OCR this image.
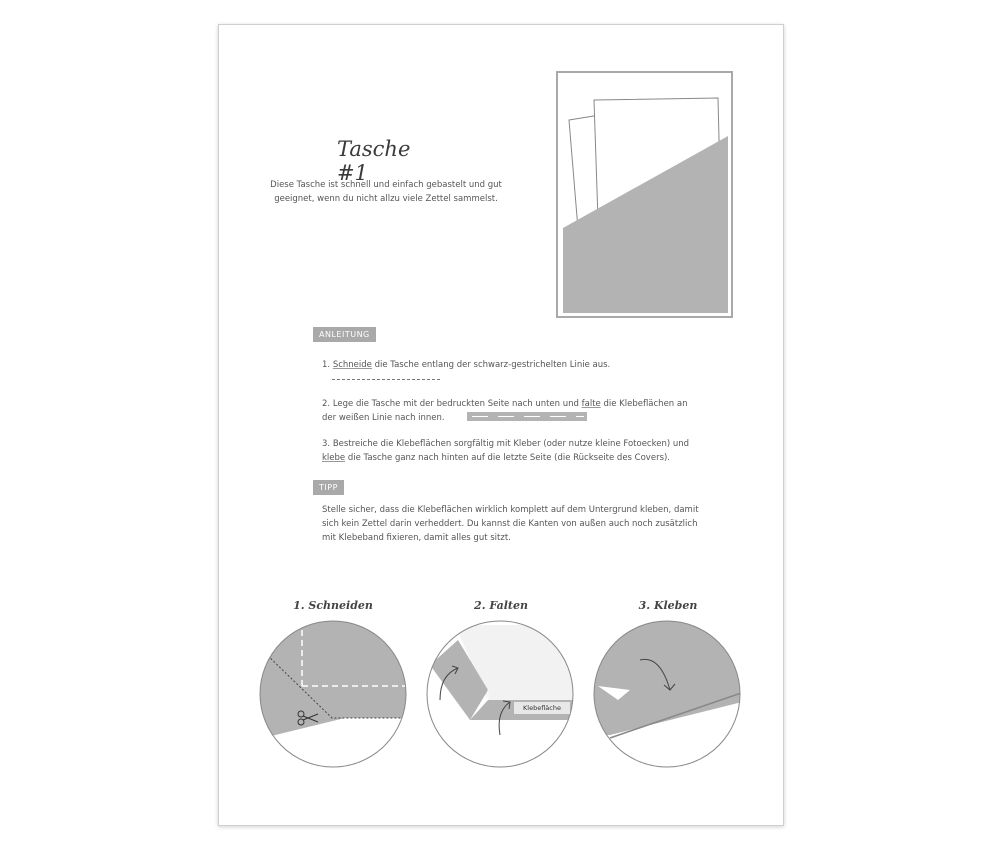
Tasche #1
Diese Tasche ist schnell und einfach gebastelt und gut geeignet, wenn du nicht allzu viele Zettel sammelst.
ANLEITUNG
1. Schneide die Tasche entlang der schwarz-gestrichelten Linie aus.
2. Lege die Tasche mit der bedruckten Seite nach unten und falte die Klebeflächen an der weißen Linie nach innen.
3. Bestreiche die Klebeflächen sorgfältig mit Kleber (oder nutze kleine Fotoecken) und klebe die Tasche ganz nach hinten auf die letzte Seite (die Rückseite des Covers).
TIPP
Stelle sicher, dass die Klebeflächen wirklich komplett auf dem Untergrund kleben, damit sich kein Zettel darin verheddert. Du kannst die Kanten von außen auch noch zusätzlich mit Klebeband fixieren, damit alles gut sitzt.
1. Schneiden	2. Falten	3. Kleben
Klebefläche
